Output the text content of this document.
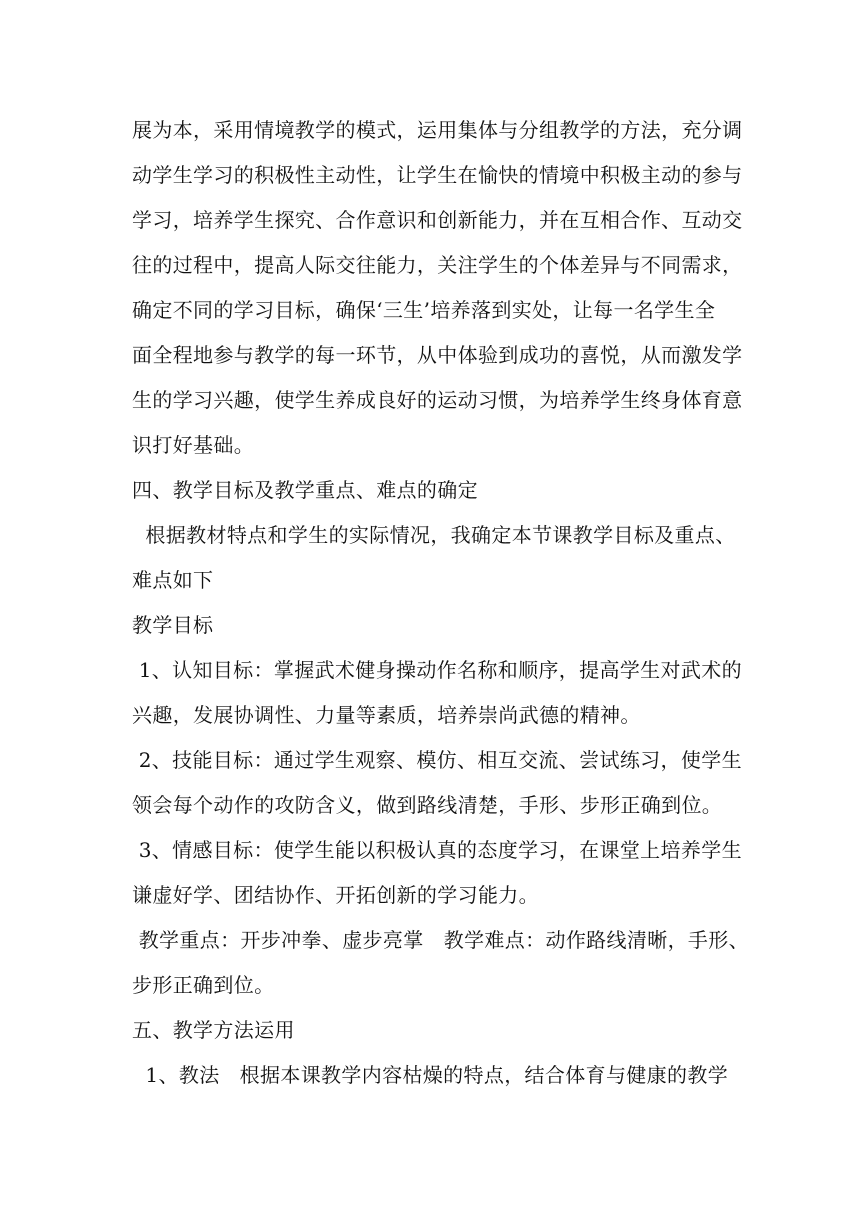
展为本，采用情境教学的模式，运用集体与分组教学的方法，充分调
动学生学习的积极性主动性，让学生在愉快的情境中积极主动的参与
学习，培养学生探究、合作意识和创新能力，并在互相合作、互动交
往的过程中，提高人际交往能力，关注学生的个体差异与不同需求，
确定不同的学习目标，确保‘三生’培养落到实处，让每一名学生全
面全程地参与教学的每一环节，从中体验到成功的喜悦，从而激发学
生的学习兴趣，使学生养成良好的运动习惯，为培养学生终身体育意
识打好基础。
四、教学目标及教学重点、难点的确定
根据教材特点和学生的实际情况，我确定本节课教学目标及重点、
难点如下
教学目标
1、认知目标：掌握武术健身操动作名称和顺序，提高学生对武术的
兴趣，发展协调性、力量等素质，培养崇尚武德的精神。
2、技能目标：通过学生观察、模仿、相互交流、尝试练习，使学生
领会每个动作的攻防含义，做到路线清楚，手形、步形正确到位。
3、情感目标：使学生能以积极认真的态度学习，在课堂上培养学生
谦虚好学、团结协作、开拓创新的学习能力。
教学重点：开步冲拳、虚步亮掌   教学难点：动作路线清晰，手形、
步形正确到位。
五、教学方法运用
1、教法   根据本课教学内容枯燥的特点，结合体育与健康的教学
